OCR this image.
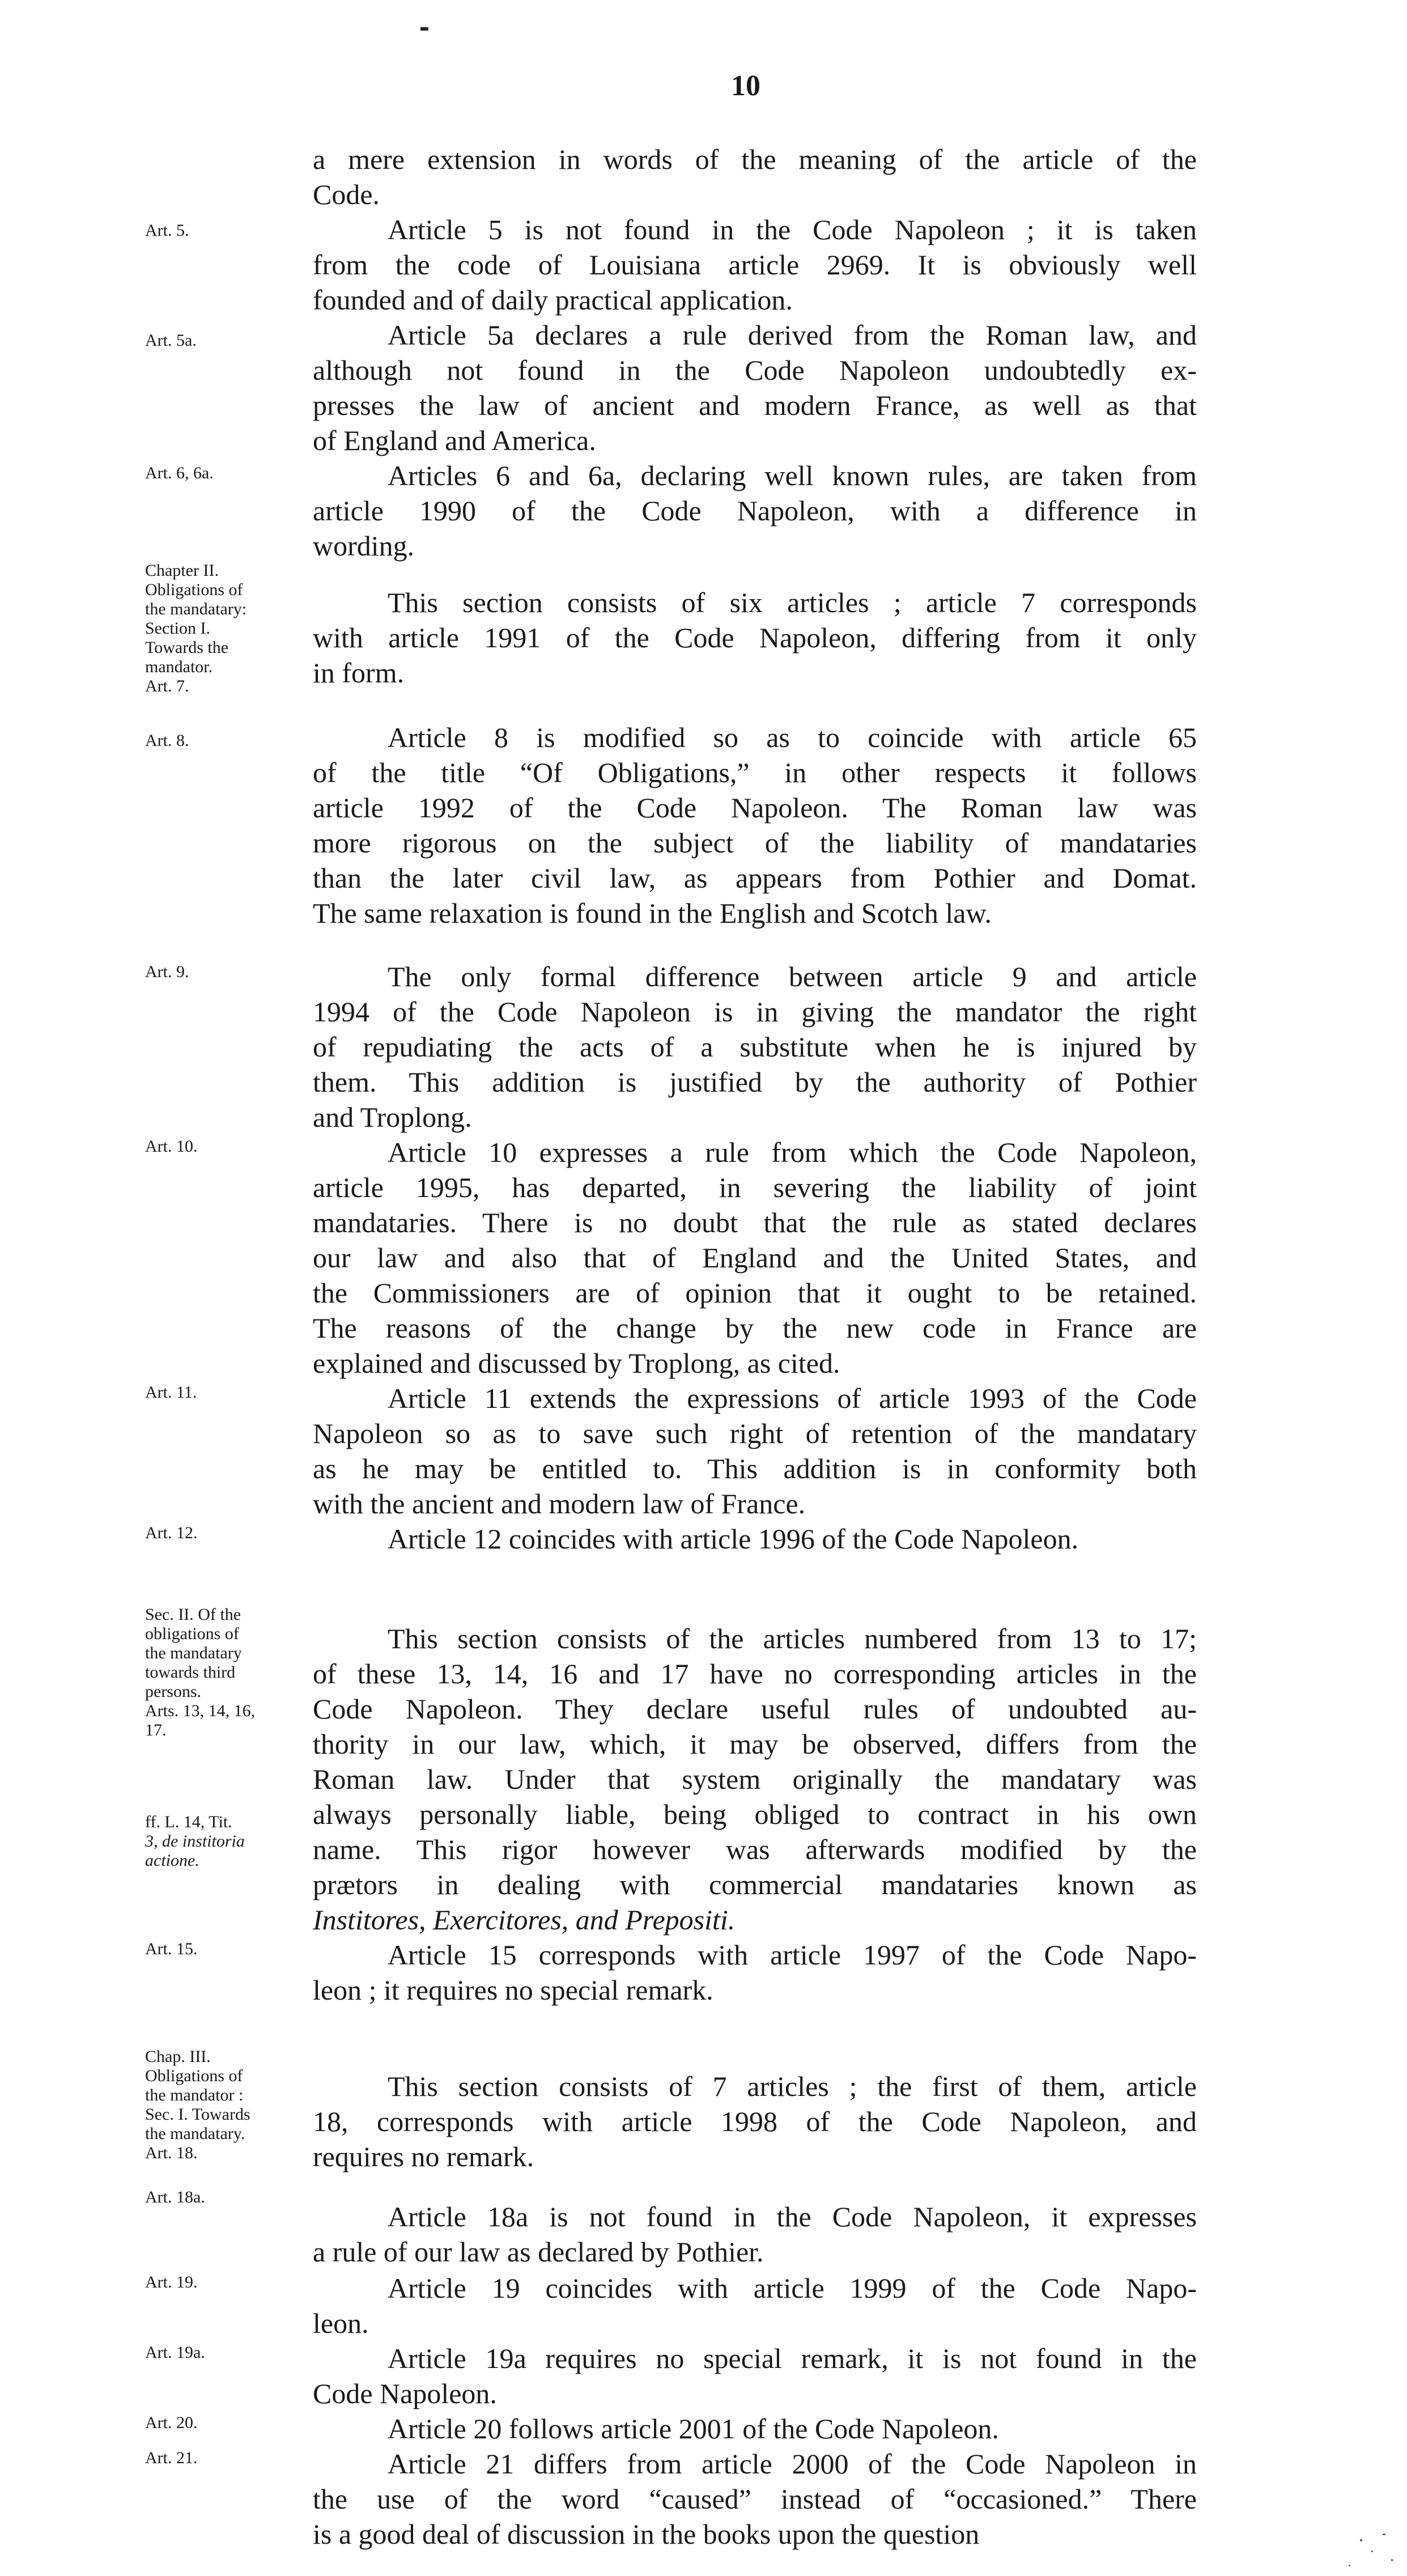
10
a mere extension in words of the meaning of the article of the
Code.
Article 5 is not found in the Code Napoleon ; it is taken
from the code of Louisiana article 2969. It is obviously well
founded and of daily practical application.
Article 5a declares a rule derived from the Roman law, and
although not found in the Code Napoleon undoubtedly ex-
presses the law of ancient and modern France, as well as that
of England and America.
Articles 6 and 6a, declaring well known rules, are taken from
article 1990 of the Code Napoleon, with a difference in
wording.
This section consists of six articles ; article 7 corresponds
with article 1991 of the Code Napoleon, differing from it only
in form.
Article 8 is modified so as to coincide with article 65
of the title “Of Obligations,” in other respects it follows
article 1992 of the Code Napoleon. The Roman law was
more rigorous on the subject of the liability of mandataries
than the later civil law, as appears from Pothier and Domat.
The same relaxation is found in the English and Scotch law.
The only formal difference between article 9 and article
1994 of the Code Napoleon is in giving the mandator the right
of repudiating the acts of a substitute when he is injured by
them. This addition is justified by the authority of Pothier
and Troplong.
Article 10 expresses a rule from which the Code Napoleon,
article 1995, has departed, in severing the liability of joint
mandataries. There is no doubt that the rule as stated declares
our law and also that of England and the United States, and
the Commissioners are of opinion that it ought to be retained.
The reasons of the change by the new code in France are
explained and discussed by Troplong, as cited.
Article 11 extends the expressions of article 1993 of the Code
Napoleon so as to save such right of retention of the mandatary
as he may be entitled to. This addition is in conformity both
with the ancient and modern law of France.
Article 12 coincides with article 1996 of the Code Napoleon.
This section consists of the articles numbered from 13 to 17;
of these 13, 14, 16 and 17 have no corresponding articles in the
Code Napoleon. They declare useful rules of undoubted au-
thority in our law, which, it may be observed, differs from the
Roman law. Under that system originally the mandatary was
always personally liable, being obliged to contract in his own
name. This rigor however was afterwards modified by the
prætors in dealing with commercial mandataries known as
Institores, Exercitores, and Prepositi.
Article 15 corresponds with article 1997 of the Code Napo-
leon ; it requires no special remark.
This section consists of 7 articles ; the first of them, article
18, corresponds with article 1998 of the Code Napoleon, and
requires no remark.
Article 18a is not found in the Code Napoleon, it expresses
a rule of our law as declared by Pothier.
Article 19 coincides with article 1999 of the Code Napo-
leon.
Article 19a requires no special remark, it is not found in the
Code Napoleon.
Article 20 follows article 2001 of the Code Napoleon.
Article 21 differs from article 2000 of the Code Napoleon in
the use of the word “caused” instead of “occasioned.” There
is a good deal of discussion in the books upon the question
Art. 5.
Art. 5a.
Art. 6, 6a.
Chapter II.
Obligations of
the mandatary:
Section I.
Towards the
mandator.
Art. 7.
Art. 8.
Art. 9.
Art. 10.
Art. 11.
Art. 12.
Sec. II. Of the
obligations of
the mandatary
towards third
persons.
Arts. 13, 14, 16,
17.
ff. L. 14, Tit.
3, de institoria
actione.
Art. 15.
Chap. III.
Obligations of
the mandator :
Sec. I. Towards
the mandatary.
Art. 18.
Art. 18a.
Art. 19.
Art. 19a.
Art. 20.
Art. 21.
